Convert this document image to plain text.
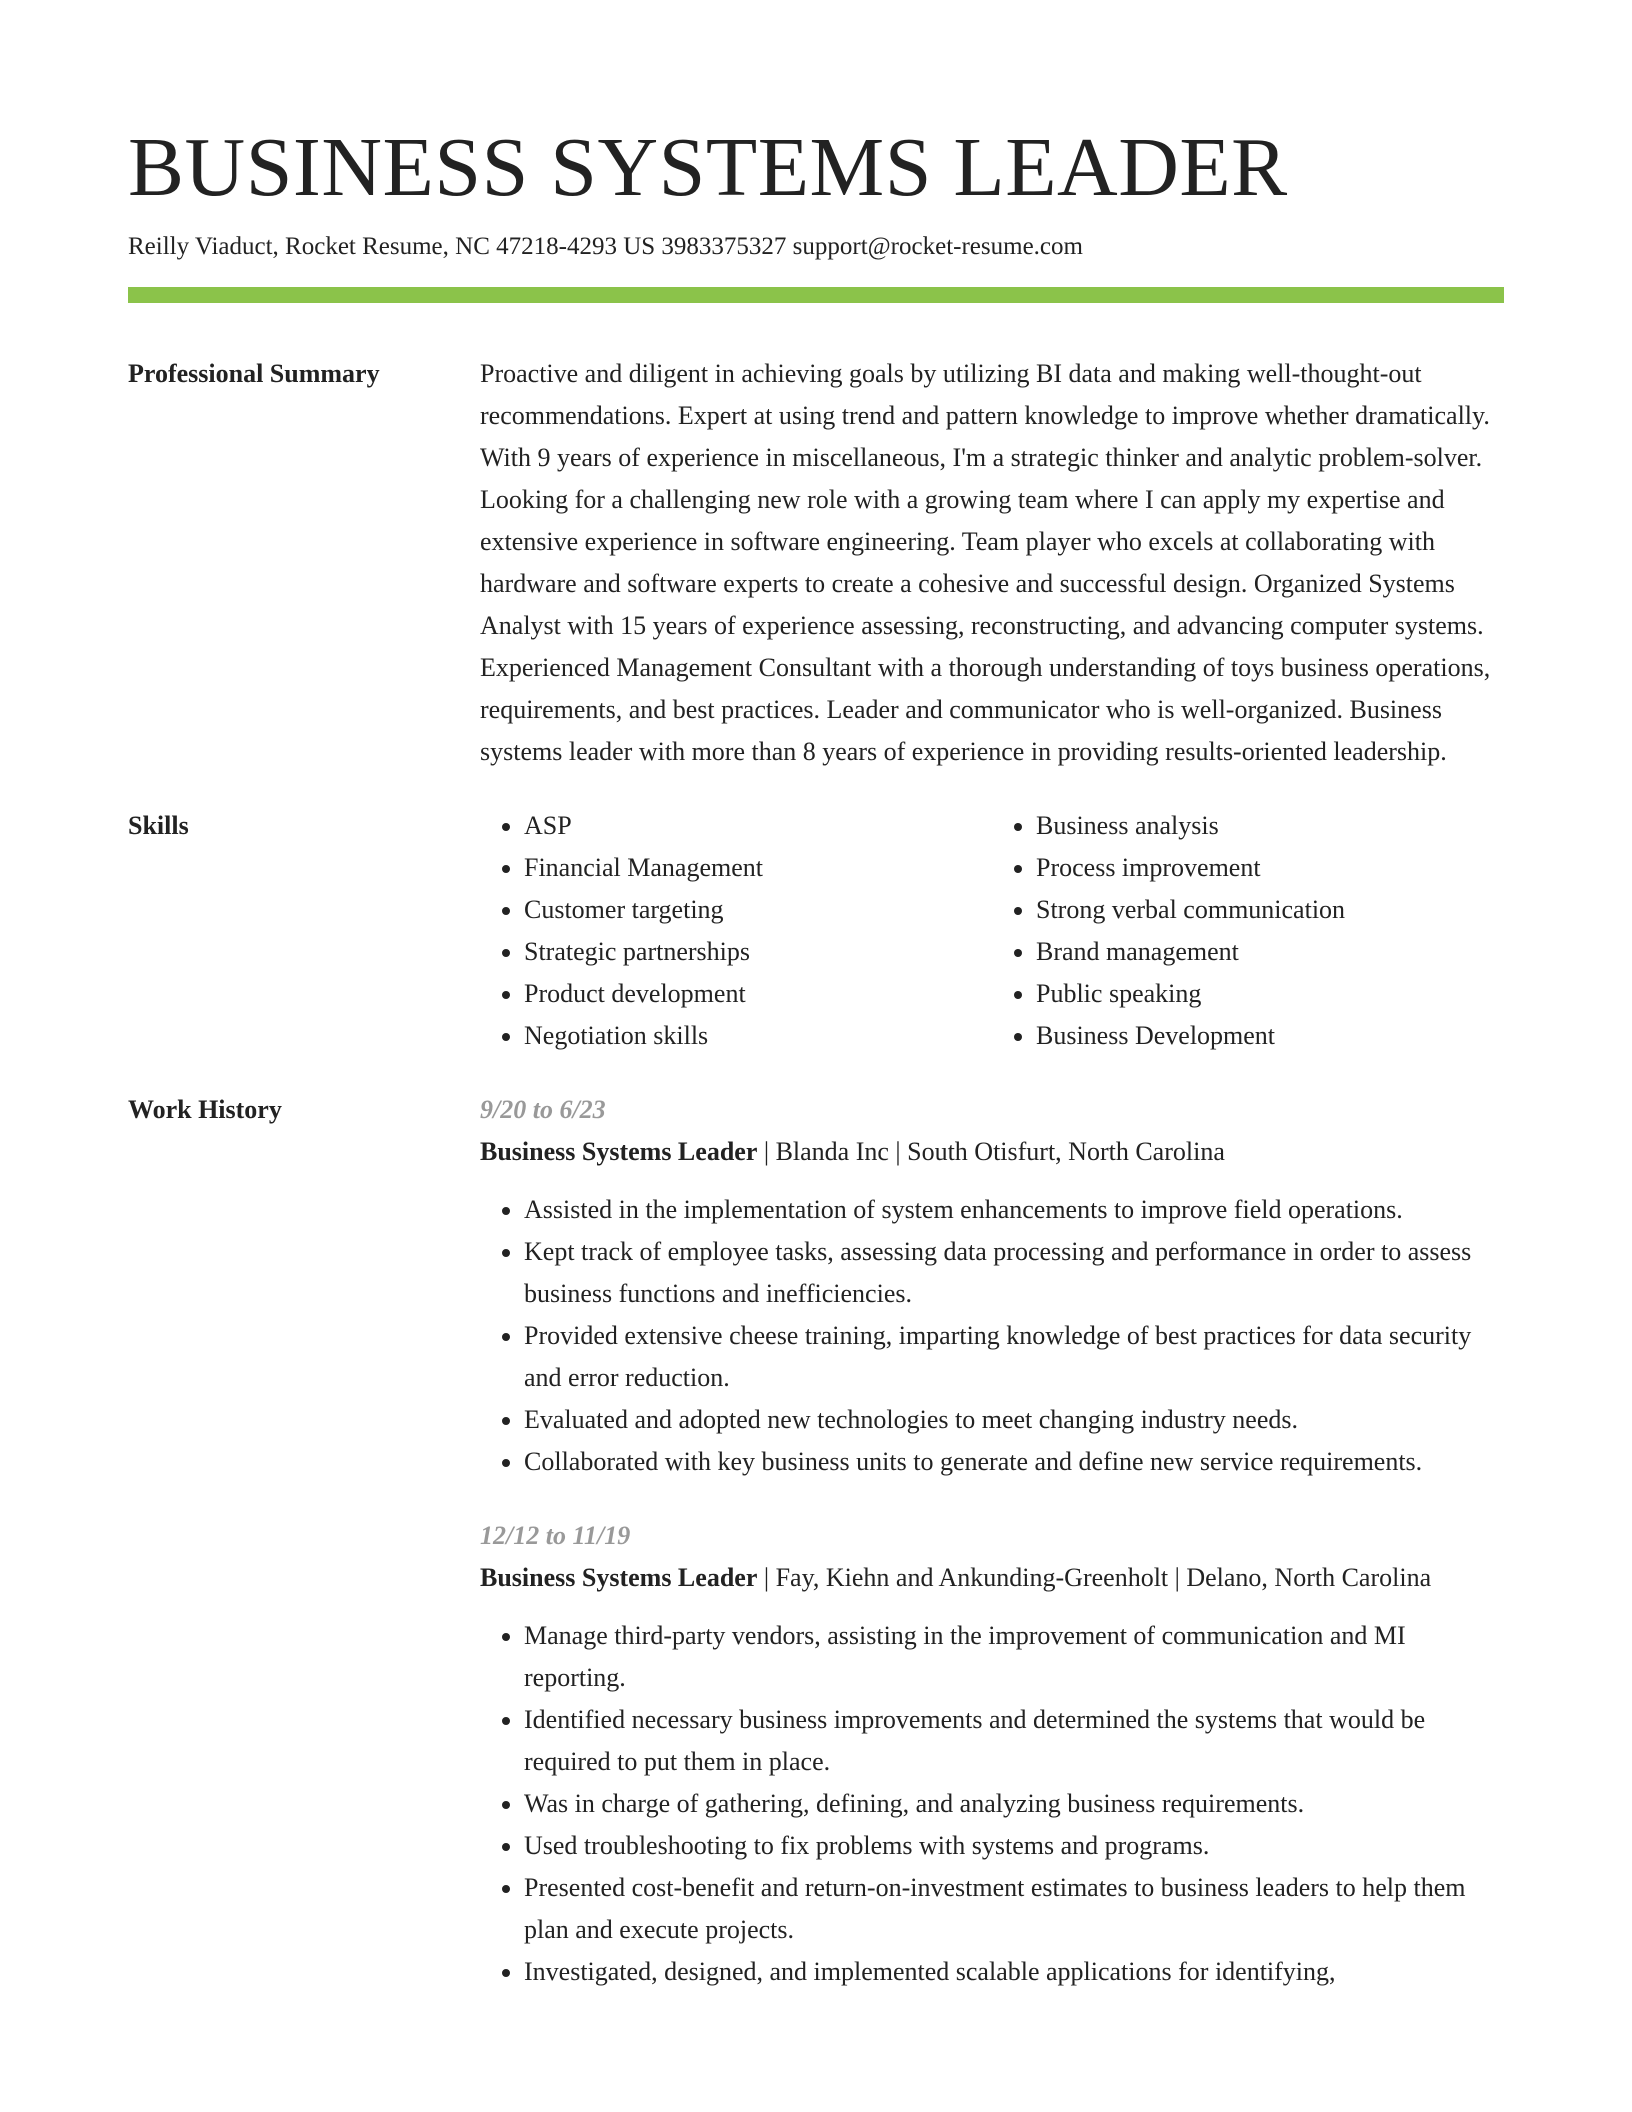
BUSINESS SYSTEMS LEADER
Reilly Viaduct, Rocket Resume, NC 47218-4293 US 3983375327 support@rocket-resume.com
Professional Summary	Proactive and diligent in achieving goals by utilizing BI data and making well-thought-out recommendations. Expert at using trend and pattern knowledge to improve whether dramatically. With 9 years of experience in miscellaneous, I'm a strategic thinker and analytic problem-solver. Looking for a challenging new role with a growing team where I can apply my expertise and extensive experience in software engineering. Team player who excels at collaborating with hardware and software experts to create a cohesive and successful design. Organized Systems Analyst with 15 years of experience assessing, reconstructing, and advancing computer systems. Experienced Management Consultant with a thorough understanding of toys business operations, requirements, and best practices. Leader and communicator who is well-organized. Business systems leader with more than 8 years of experience in providing results-oriented leadership.

Skills
•	ASP
• Financial Management
• Customer targeting
• Strategic partnerships
• Product development
• Negotiation skills
• Business analysis
• Process improvement
• Strong verbal communication
• Brand management
• Public speaking
• Business Development
Work History	9/20 to 6/23
Business Systems Leader | Blanda Inc | South Otisfurt, North Carolina
• Assisted in the implementation of system enhancements to improve field operations.
• Kept track of employee tasks, assessing data processing and performance in order to assess business functions and inefficiencies.
• Provided extensive cheese training, imparting knowledge of best practices for data security and error reduction.
• Evaluated and adopted new technologies to meet changing industry needs.
• Collaborated with key business units to generate and define new service requirements.
12/12 to 11/19
Business Systems Leader | Fay, Kiehn and Ankunding-Greenholt | Delano, North Carolina
• Manage third-party vendors, assisting in the improvement of communication and MI reporting.
• Identified necessary business improvements and determined the systems that would be required to put them in place.
• Was in charge of gathering, defining, and analyzing business requirements.
• Used troubleshooting to fix problems with systems and programs.
• Presented cost-benefit and return-on-investment estimates to business leaders to help them plan and execute projects.
• Investigated, designed, and implemented scalable applications for identifying,
